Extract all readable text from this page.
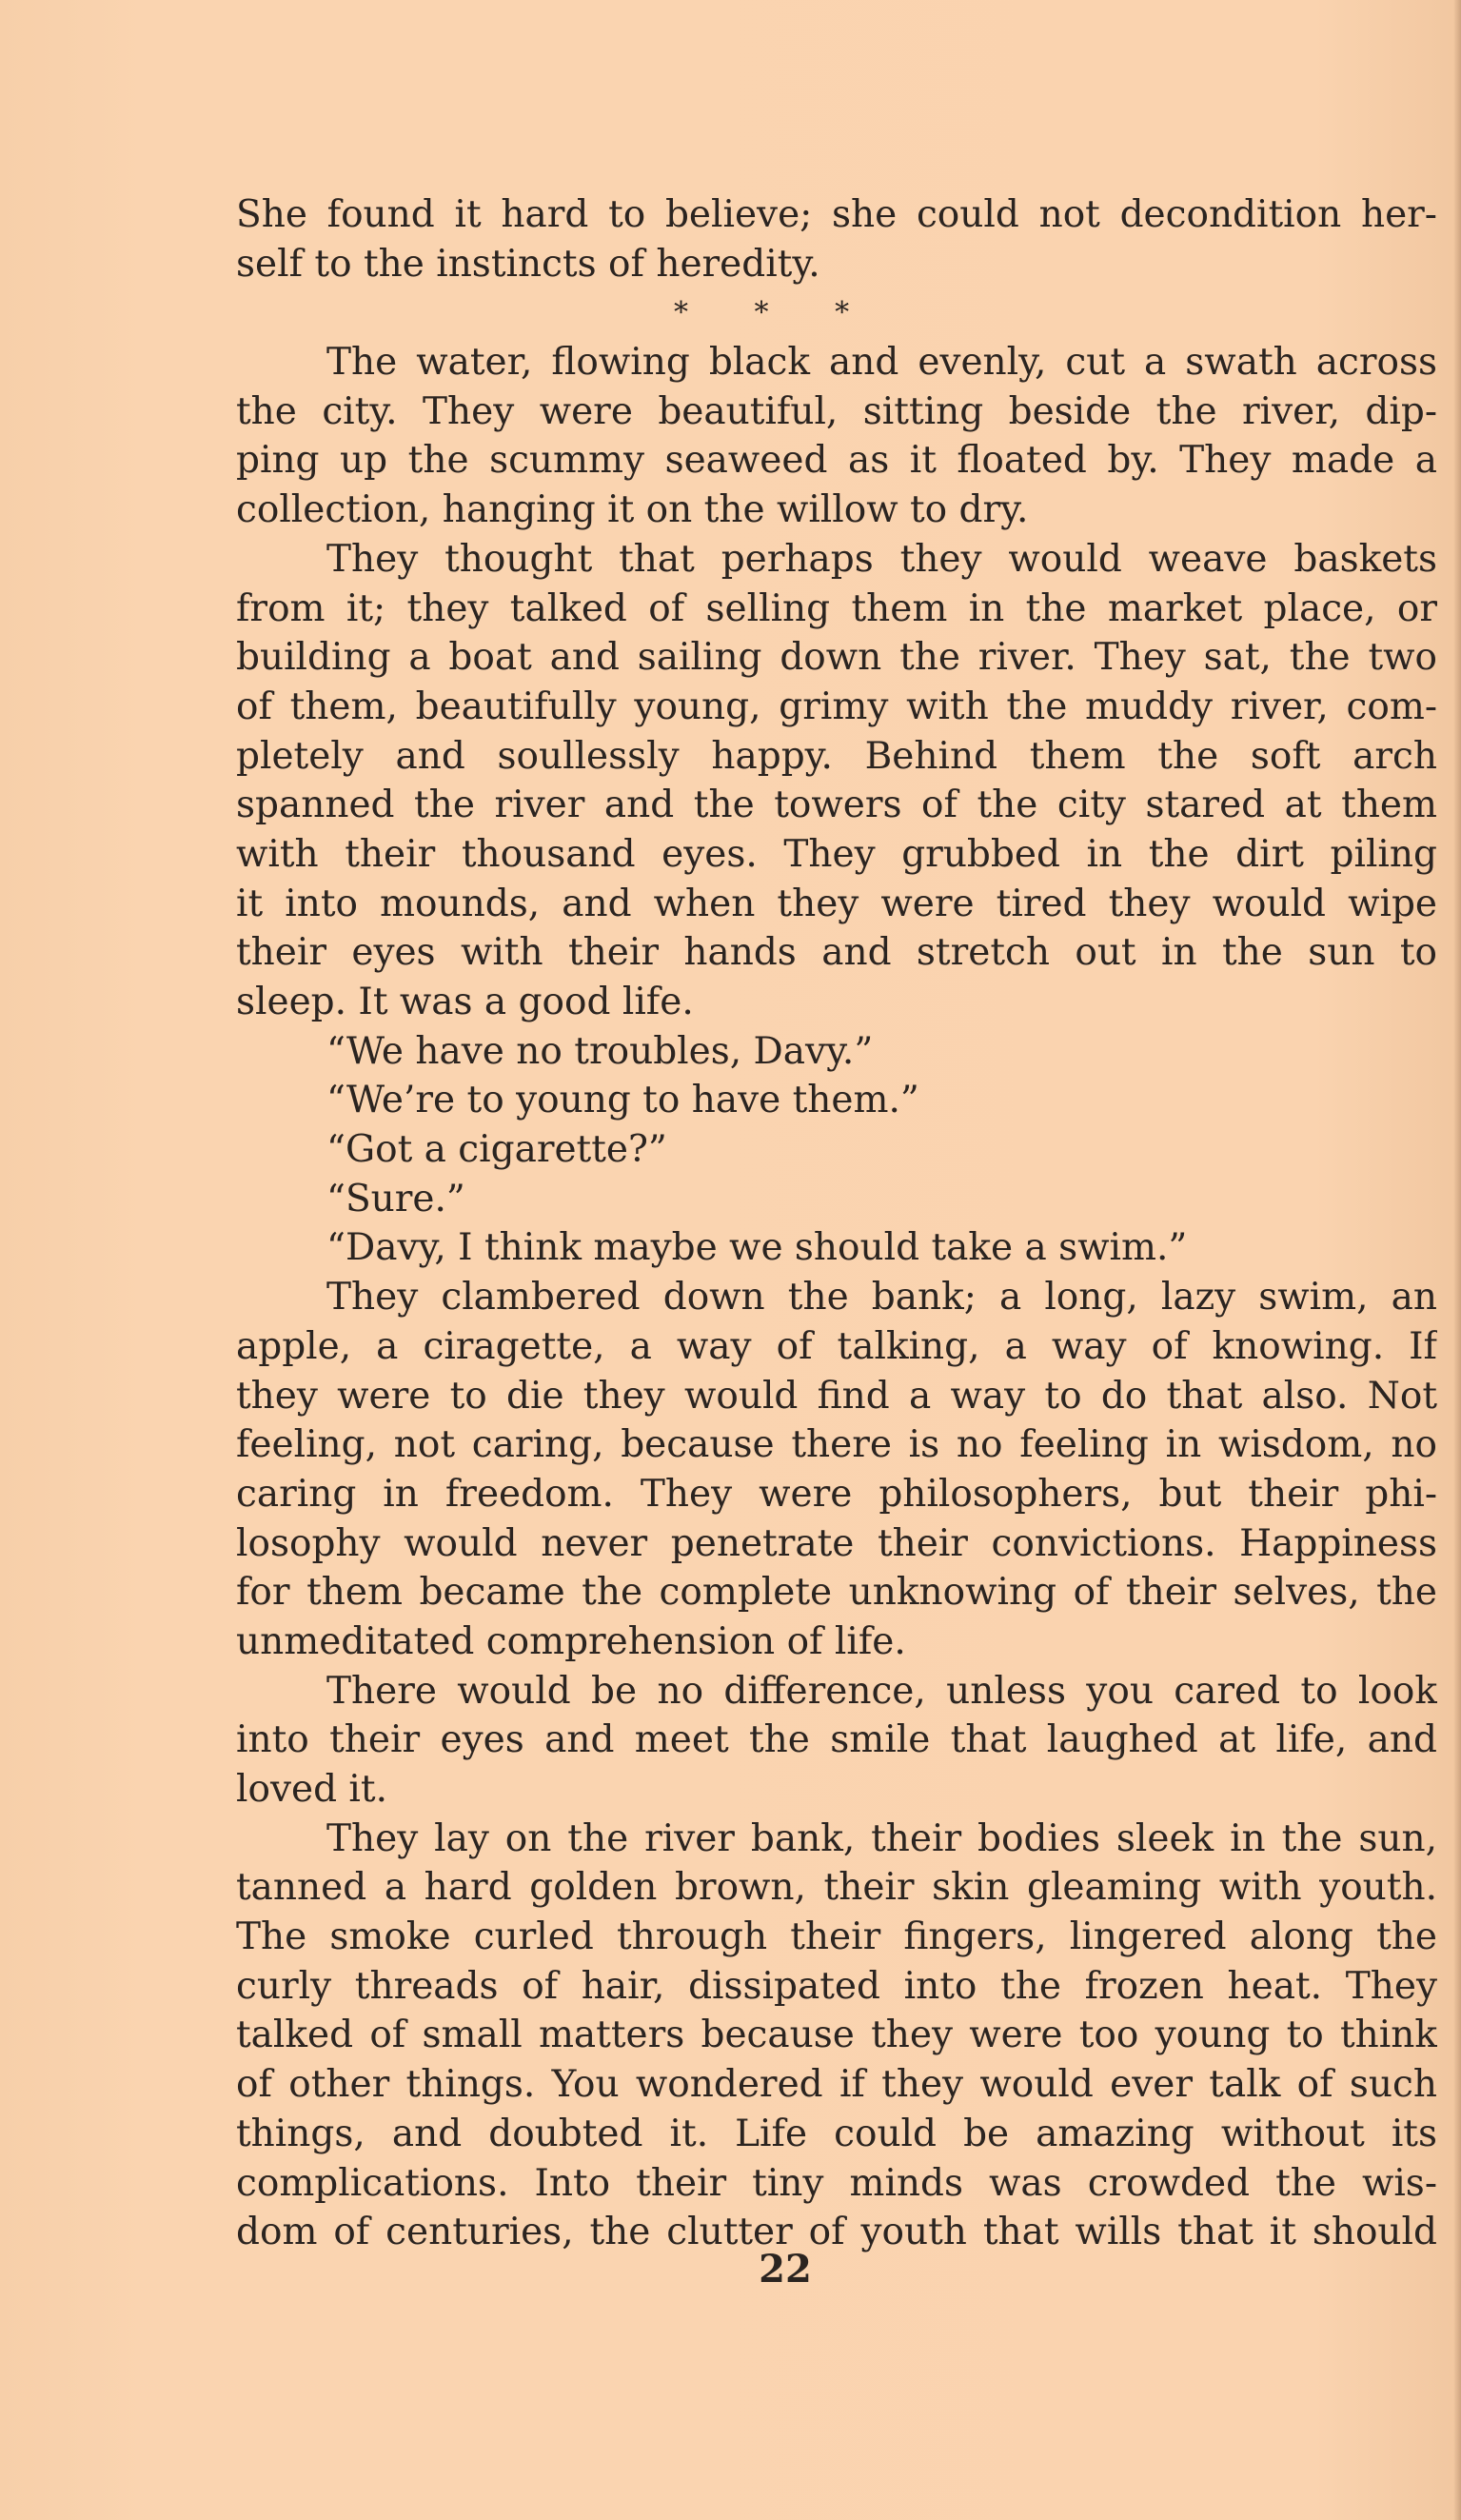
She found it hard to believe; she could not decondition her-
self to the instincts of heredity.
* * *
The water, flowing black and evenly, cut a swath across
the city. They were beautiful, sitting beside the river, dip-
ping up the scummy seaweed as it floated by. They made a
collection, hanging it on the willow to dry.
They thought that perhaps they would weave baskets
from it; they talked of selling them in the market place, or
building a boat and sailing down the river. They sat, the two
of them, beautifully young, grimy with the muddy river, com-
pletely and soullessly happy. Behind them the soft arch
spanned the river and the towers of the city stared at them
with their thousand eyes. They grubbed in the dirt piling
it into mounds, and when they were tired they would wipe
their eyes with their hands and stretch out in the sun to
sleep. It was a good life.
“We have no troubles, Davy.”
“We’re to young to have them.”
“Got a cigarette?”
“Sure.”
“Davy, I think maybe we should take a swim.”
They clambered down the bank; a long, lazy swim, an
apple, a ciragette, a way of talking, a way of knowing. If
they were to die they would find a way to do that also. Not
feeling, not caring, because there is no feeling in wisdom, no
caring in freedom. They were philosophers, but their phi-
losophy would never penetrate their convictions. Happiness
for them became the complete unknowing of their selves, the
unmeditated comprehension of life.
There would be no difference, unless you cared to look
into their eyes and meet the smile that laughed at life, and
loved it.
They lay on the river bank, their bodies sleek in the sun,
tanned a hard golden brown, their skin gleaming with youth.
The smoke curled through their fingers, lingered along the
curly threads of hair, dissipated into the frozen heat. They
talked of small matters because they were too young to think
of other things. You wondered if they would ever talk of such
things, and doubted it. Life could be amazing without its
complications. Into their tiny minds was crowded the wis-
dom of centuries, the clutter of youth that wills that it should
22
